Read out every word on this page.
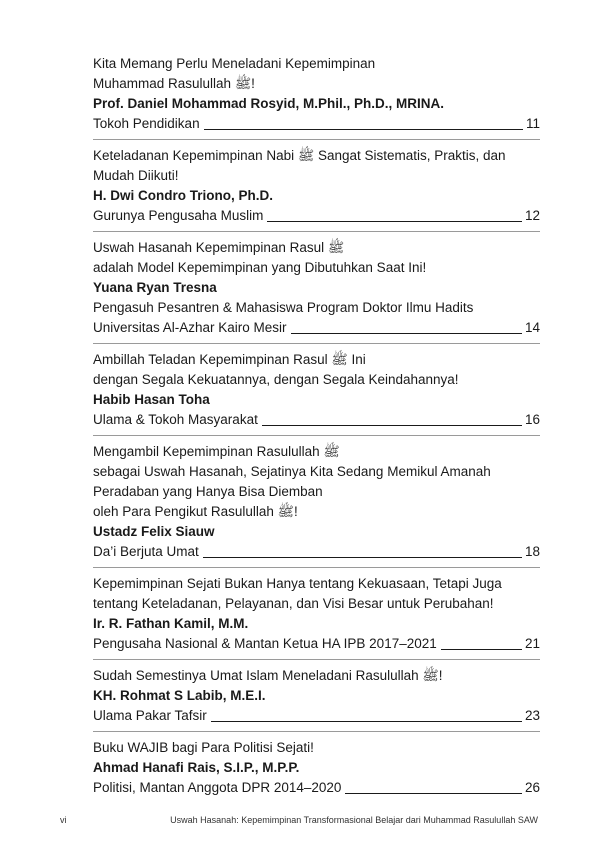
Kita Memang Perlu Meneladani Kepemimpinan
Muhammad Rasulullah ﷺ!
Prof. Daniel Mohammad Rosyid, M.Phil., Ph.D., MRINA.
Tokoh Pendidikan	11
Keteladanan Kepemimpinan Nabi ﷺ Sangat Sistematis, Praktis, dan
Mudah Diikuti!
H. Dwi Condro Triono, Ph.D.
Gurunya Pengusaha Muslim	12
Uswah Hasanah Kepemimpinan Rasul ﷺ
adalah Model Kepemimpinan yang Dibutuhkan Saat Ini!
Yuana Ryan Tresna
Pengasuh Pesantren & Mahasiswa Program Doktor Ilmu Hadits
Universitas Al-Azhar Kairo Mesir	14
Ambillah Teladan Kepemimpinan Rasul ﷺ Ini
dengan Segala Kekuatannya, dengan Segala Keindahannya!
Habib Hasan Toha
Ulama & Tokoh Masyarakat	16
Mengambil Kepemimpinan Rasulullah ﷺ
sebagai Uswah Hasanah, Sejatinya Kita Sedang Memikul Amanah
Peradaban yang Hanya Bisa Diemban
oleh Para Pengikut Rasulullah ﷺ!
Ustadz Felix Siauw
Da’i Berjuta Umat	18
Kepemimpinan Sejati Bukan Hanya tentang Kekuasaan, Tetapi Juga
tentang Keteladanan, Pelayanan, dan Visi Besar untuk Perubahan!
Ir. R. Fathan Kamil, M.M.
Pengusaha Nasional & Mantan Ketua HA IPB 2017–2021	21
Sudah Semestinya Umat Islam Meneladani Rasulullah ﷺ!
KH. Rohmat S Labib, M.E.I.
Ulama Pakar Tafsir	23
Buku WAJIB bagi Para Politisi Sejati!
Ahmad Hanafi Rais, S.I.P., M.P.P.
Politisi, Mantan Anggota DPR 2014–2020	26
vi	Uswah Hasanah: Kepemimpinan Transformasional Belajar dari Muhammad Rasulullah SAW
